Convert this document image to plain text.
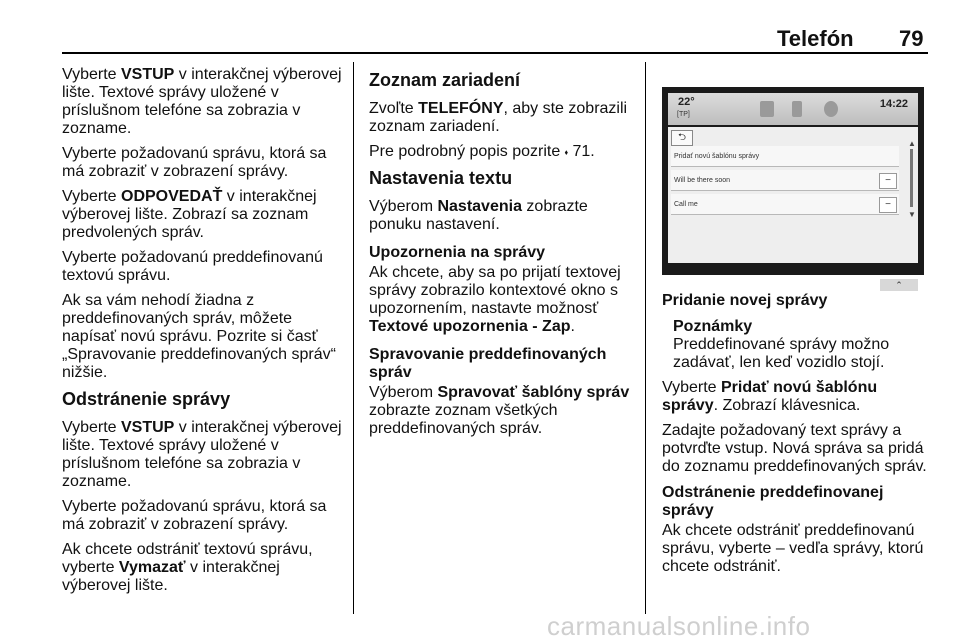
Telefón 79

Vyberte VSTUP v interakčnej výberovej lište. Textové správy uložené v príslušnom telefóne sa zobrazia v zozname.

Vyberte požadovanú správu, ktorá sa má zobraziť v zobrazení správy.

Vyberte ODPOVEDAŤ v interakčnej výberovej lište. Zobrazí sa zoznam predvolených správ.

Vyberte požadovanú preddefinovanú textovú správu.

Ak sa vám nehodí žiadna z preddefinovaných správ, môžete napísať novú správu. Pozrite si časť „Spravovanie preddefinovaných správ“ nižšie.

Odstránenie správy

Vyberte VSTUP v interakčnej výberovej lište. Textové správy uložené v príslušnom telefóne sa zobrazia v zozname.

Vyberte požadovanú správu, ktorá sa má zobraziť v zobrazení správy.

Ak chcete odstrániť textovú správu, vyberte Vymazať v interakčnej výberovej lište.

Zoznam zariadení

Zvoľte TELEFÓNY, aby ste zobrazili zoznam zariadení.

Pre podrobný popis pozrite ⬪ 71.

Nastavenia textu

Výberom Nastavenia zobrazte ponuku nastavení.

Upozornenia na správy

Ak chcete, aby sa po prijatí textovej správy zobrazilo kontextové okno s upozornením, nastavte možnosť Textové upozornenia - Zap.

Spravovanie preddefinovaných správ

Výberom Spravovať šablóny správ zobrazte zoznam všetkých preddefinovaných správ.

22°
[TP]
14:22
⮌
Pridať novú šablónu správy
Will be there soon	−
Call me	−
▲
▼
⌃
Pridanie novej správy
Poznámky
Preddefinované správy možno zadávať, len keď vozidlo stojí.

Vyberte Pridať novú šablónu správy. Zobrazí klávesnica.

Zadajte požadovaný text správy a potvrďte vstup. Nová správa sa pridá do zoznamu preddefinovaných správ.

Odstránenie preddefinovanej správy

Ak chcete odstrániť preddefinovanú správu, vyberte – vedľa správy, ktorú chcete odstrániť.

carmanualsonline.info
